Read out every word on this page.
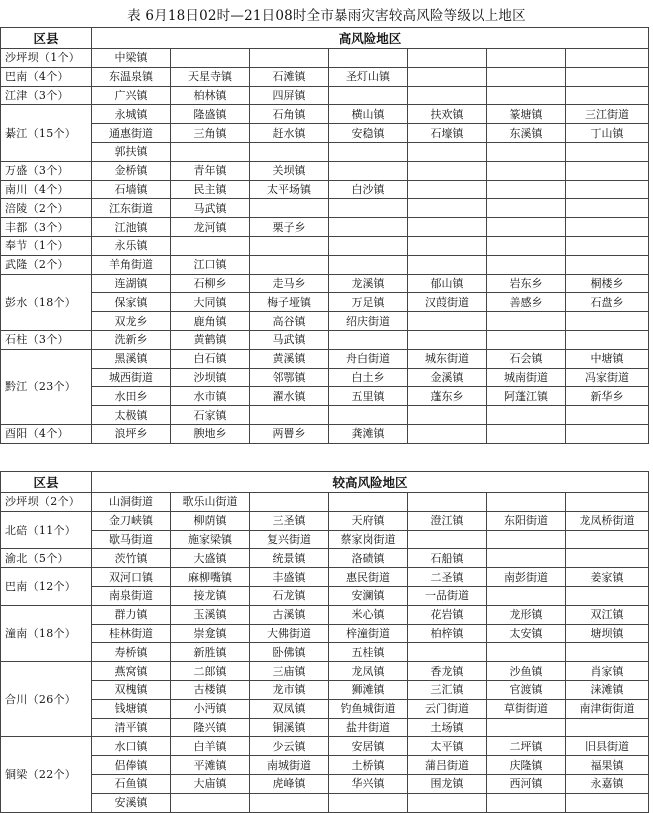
表 6月18日02时—21日08时全市暴雨灾害较高风险等级以上地区
区县	高风险地区						
沙坪坝（1个）	中梁镇						
巴南（4个）	东温泉镇	天星寺镇	石滩镇	圣灯山镇			
江津（3个）	广兴镇	柏林镇	四屏镇				
綦江（15个）	永城镇	隆盛镇	石角镇	横山镇	扶欢镇	篆塘镇	三江街道
	通惠街道	三角镇	赶水镇	安稳镇	石壕镇	东溪镇	丁山镇
	郭扶镇						
万盛（3个）	金桥镇	青年镇	关坝镇				
南川（4个）	石墙镇	民主镇	太平场镇	白沙镇			
涪陵（2个）	江东街道	马武镇					
丰都（3个）	江池镇	龙河镇	栗子乡				
奉节（1个）	永乐镇						
武隆（2个）	羊角街道	江口镇					
彭水（18个）	连湖镇	石柳乡	走马乡	龙溪镇	郁山镇	岩东乡	桐楼乡
	保家镇	大同镇	梅子垭镇	万足镇	汉葭街道	善感乡	石盘乡
	双龙乡	鹿角镇	高谷镇	绍庆街道			
石柱（3个）	洗新乡	黄鹤镇	马武镇				
黔江（23个）	黑溪镇	白石镇	黄溪镇	舟白街道	城东街道	石会镇	中塘镇
	城西街道	沙坝镇	邻鄂镇	白土乡	金溪镇	城南街道	冯家街道
	水田乡	水市镇	濯水镇	五里镇	蓬东乡	阿蓬江镇	新华乡
	太极镇	石家镇					
酉阳（4个）	浪坪乡	腴地乡	两罾乡	龚滩镇			
区县	较高风险地区						
沙坪坝（2个）	山洞街道	歌乐山街道					
北碚（11个）	金刀峡镇	柳荫镇	三圣镇	天府镇	澄江镇	东阳街道	龙凤桥街道
	歇马街道	施家梁镇	复兴街道	蔡家岗街道			
渝北（5个）	茨竹镇	大盛镇	统景镇	洛碛镇	石船镇		
巴南（12个）	双河口镇	麻柳嘴镇	丰盛镇	惠民街道	二圣镇	南彭街道	姜家镇
	南泉街道	接龙镇	石龙镇	安澜镇	一品街道		
潼南（18个）	群力镇	玉溪镇	古溪镇	米心镇	花岩镇	龙形镇	双江镇
	桂林街道	崇龛镇	大佛街道	梓潼街道	柏梓镇	太安镇	塘坝镇
	寿桥镇	新胜镇	卧佛镇	五桂镇			
合川（26个）	燕窝镇	二郎镇	三庙镇	龙凤镇	香龙镇	沙鱼镇	肖家镇
	双槐镇	古楼镇	龙市镇	狮滩镇	三汇镇	官渡镇	涞滩镇
	钱塘镇	小沔镇	双凤镇	钓鱼城街道	云门街道	草街街道	南津街街道
	清平镇	隆兴镇	铜溪镇	盐井街道	土场镇		
铜梁（22个）	水口镇	白羊镇	少云镇	安居镇	太平镇	二坪镇	旧县街道
	侣俸镇	平滩镇	南城街道	土桥镇	蒲吕街道	庆隆镇	福果镇
	石鱼镇	大庙镇	虎峰镇	华兴镇	围龙镇	西河镇	永嘉镇
	安溪镇						
